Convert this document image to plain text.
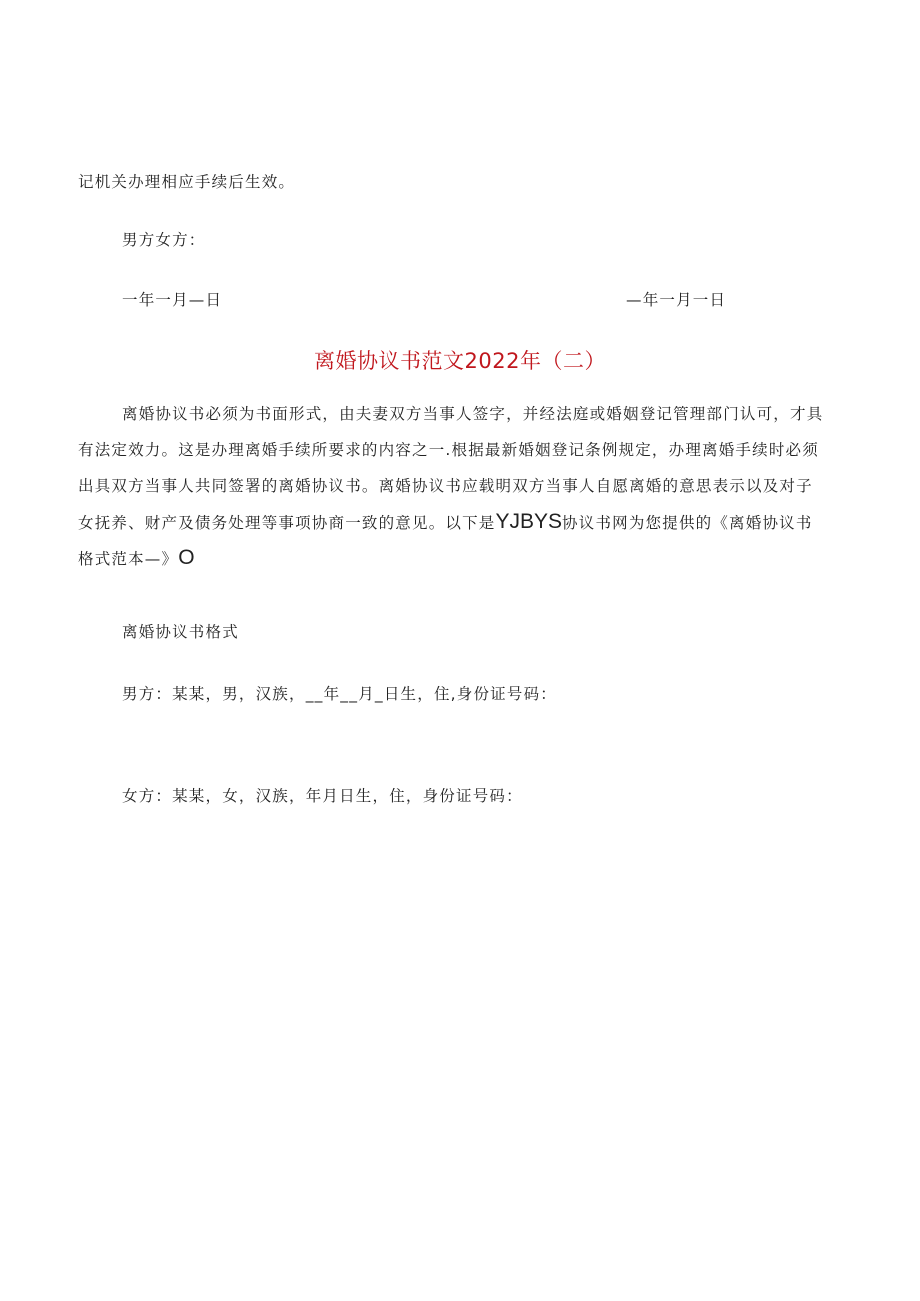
记机关办理相应手续后生效。
男方女方：
一年一月—日	—年一月一日
离婚协议书范文2022年（二）
离婚协议书必须为书面形式，由夫妻双方当事人签字，并经法庭或婚姻登记管理部门认可，才具
有法定效力。这是办理离婚手续所要求的内容之一.根据最新婚姻登记条例规定，办理离婚手续时必须
出具双方当事人共同签署的离婚协议书。离婚协议书应载明双方当事人自愿离婚的意思表示以及对子
女抚养、财产及债务处理等事项协商一致的意见。以下是YJBYS协议书网为您提供的《离婚协议书
格式范本—》O
离婚协议书格式
男方：某某，男，汉族，__年__月_日生，住,身份证号码：
女方：某某，女，汉族，年月日生，住，身份证号码：
